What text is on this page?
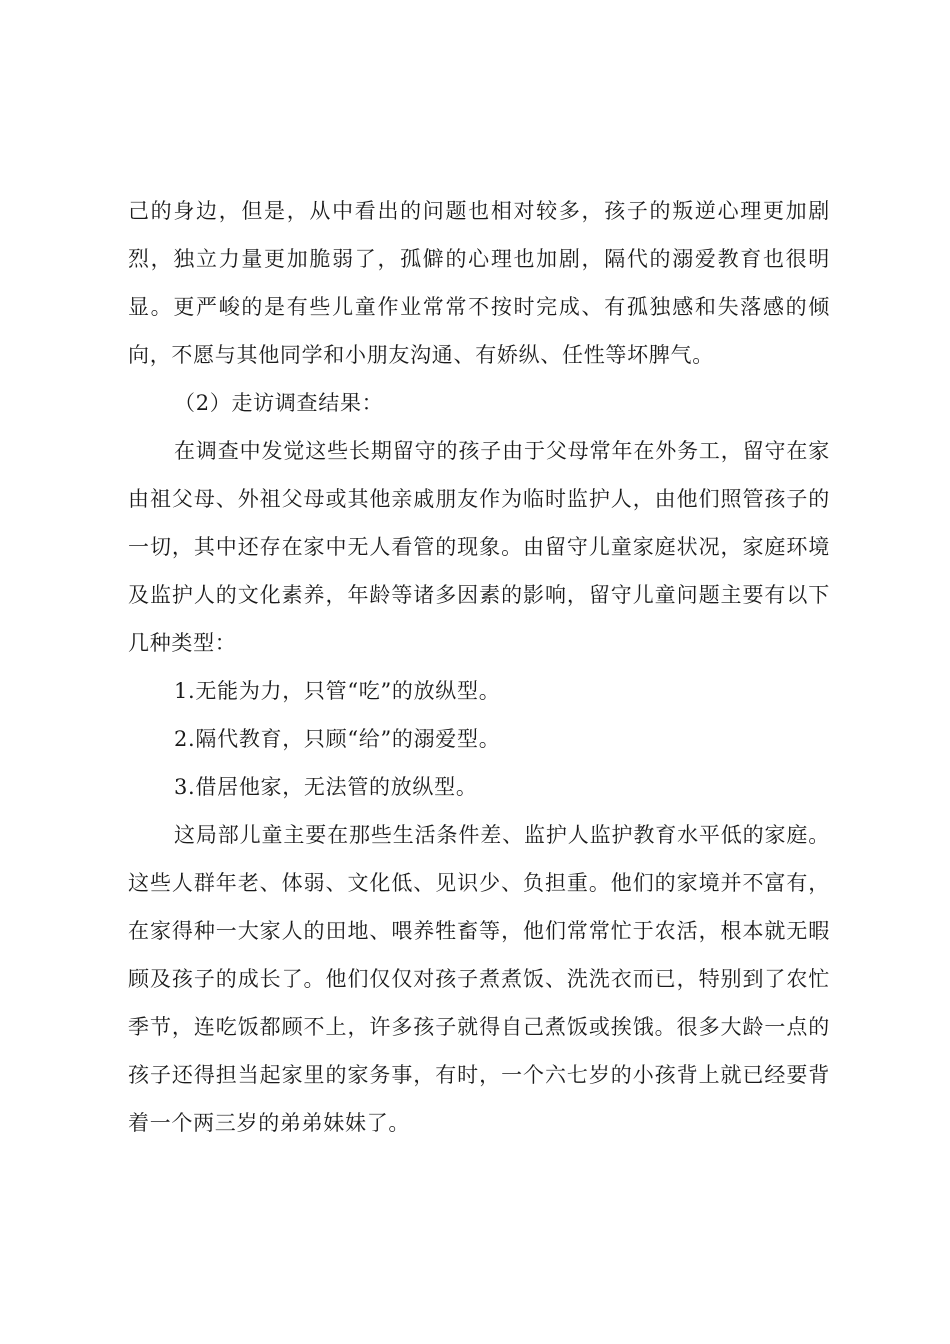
己的身边，但是，从中看出的问题也相对较多，孩子的叛逆心理更加剧烈，独立力量更加脆弱了，孤僻的心理也加剧，隔代的溺爱教育也很明显。更严峻的是有些儿童作业常常不按时完成、有孤独感和失落感的倾向，不愿与其他同学和小朋友沟通、有娇纵、任性等坏脾气。

（2）走访调查结果：

在调查中发觉这些长期留守的孩子由于父母常年在外务工，留守在家由祖父母、外祖父母或其他亲戚朋友作为临时监护人，由他们照管孩子的一切，其中还存在家中无人看管的现象。由留守儿童家庭状况，家庭环境及监护人的文化素养，年龄等诸多因素的影响，留守儿童问题主要有以下几种类型：

1.无能为力，只管“吃”的放纵型。

2.隔代教育，只顾“给”的溺爱型。

3.借居他家，无法管的放纵型。

这局部儿童主要在那些生活条件差、监护人监护教育水平低的家庭。这些人群年老、体弱、文化低、见识少、负担重。他们的家境并不富有，在家得种一大家人的田地、喂养牲畜等，他们常常忙于农活，根本就无暇顾及孩子的成长了。他们仅仅对孩子煮煮饭、洗洗衣而已，特别到了农忙季节，连吃饭都顾不上，许多孩子就得自己煮饭或挨饿。很多大龄一点的孩子还得担当起家里的家务事，有时，一个六七岁的小孩背上就已经要背着一个两三岁的弟弟妹妹了。
